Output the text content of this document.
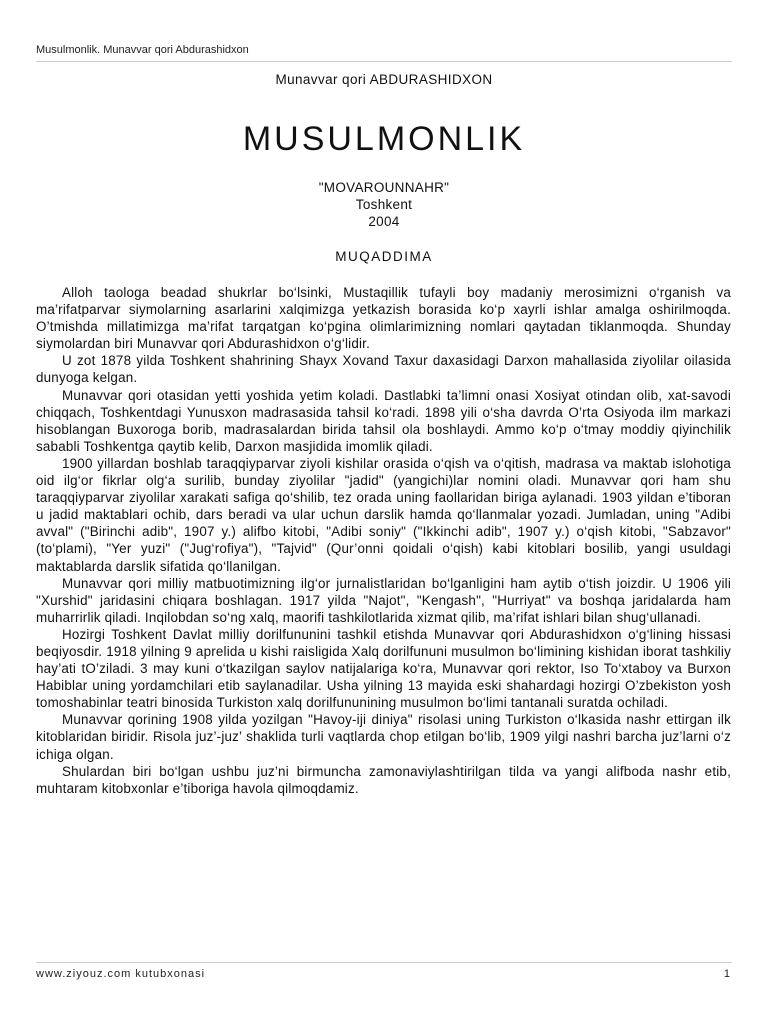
Musulmonlik. Munavvar qori Abdurashidxon
Munavvar qori ABDURASHIDXON
MUSULMONLIK
"MOVAROUNNAHR"
Toshkent
2004
MUQADDIMA

Alloh taologa beadad shukrlar bo‘lsinki, Mustaqillik tufayli boy madaniy merosimizni o‘rganish va ma’rifatparvar siymolarning asarlarini xalqimizga yetkazish borasida ko‘p xayrli ishlar amalga oshirilmoqda. O’tmishda millatimizga ma’rifat tarqatgan ko‘pgina olimlarimizning nomlari qaytadan tiklanmoqda. Shunday siymolardan biri Munavvar qori Abdurashidxon o‘g‘lidir.

U zot 1878 yilda Toshkent shahrining Shayx Xovand Taxur daxasidagi Darxon mahallasida ziyolilar oilasida dunyoga kelgan.

Munavvar qori otasidan yetti yoshida yetim koladi. Dastlabki ta’limni onasi Xosiyat otindan olib, xat-savodi chiqqach, Toshkentdagi Yunusxon madrasasida tahsil ko‘radi. 1898 yili o‘sha davrda O’rta Osiyoda ilm markazi hisoblangan Buxoroga borib, madrasalardan birida tahsil ola boshlaydi. Ammo ko‘p o‘tmay moddiy qiyinchilik sababli Toshkentga qaytib kelib, Darxon masjidida imomlik qiladi.

1900 yillardan boshlab taraqqiyparvar ziyoli kishilar orasida o‘qish va o‘qitish, madrasa va maktab islohotiga oid ilg‘or fikrlar olg‘a surilib, bunday ziyolilar "jadid" (yangichi)lar nomini oladi. Munavvar qori ham shu taraqqiyparvar ziyolilar xarakati safiga qo‘shilib, tez orada uning faollaridan biriga aylanadi. 1903 yildan e’tiboran u jadid maktablari ochib, dars beradi va ular uchun darslik hamda qo‘llanmalar yozadi. Jumladan, uning "Adibi avval" ("Birinchi adib", 1907 y.) alifbo kitobi, "Adibi soniy" ("Ikkinchi adib", 1907 y.) o‘qish kitobi, "Sabzavor" (to‘plami), "Yer yuzi" ("Jug‘rofiya"), "Tajvid" (Qur’onni qoidali o‘qish) kabi kitoblari bosilib, yangi usuldagi maktablarda darslik sifatida qo‘llanilgan.

Munavvar qori milliy matbuotimizning ilg‘or jurnalistlaridan bo‘lganligini ham aytib o‘tish joizdir. U 1906 yili "Xurshid" jaridasini chiqara boshlagan. 1917 yilda "Najot", "Kengash", "Hurriyat" va boshqa jaridalarda ham muharrirlik qiladi. Inqilobdan so‘ng xalq, maorifi tashkilotlarida xizmat qilib, ma’rifat ishlari bilan shug‘ullanadi.

Hozirgi Toshkent Davlat milliy dorilfununini tashkil etishda Munavvar qori Abdurashidxon o‘g‘lining hissasi beqiyosdir. 1918 yilning 9 aprelida u kishi raisligida Xalq dorilfununi musulmon bo‘limining kishidan iborat tashkiliy hay’ati tO’ziladi. 3 may kuni o‘tkazilgan saylov natijalariga ko‘ra, Munavvar qori rektor, Iso To‘xtaboy va Burxon Habiblar uning yordamchilari etib saylanadilar. Usha yilning 13 mayida eski shahardagi hozirgi O’zbekiston yosh tomoshabinlar teatri binosida Turkiston xalq dorilfununining musulmon bo‘limi tantanali suratda ochiladi.

Munavvar qorining 1908 yilda yozilgan "Havoy-iji diniya" risolasi uning Turkiston o‘lkasida nashr ettirgan ilk kitoblaridan biridir. Risola juz’-juz’ shaklida turli vaqtlarda chop etilgan bo‘lib, 1909 yilgi nashri barcha juz’larni o‘z ichiga olgan.

Shulardan biri bo‘lgan ushbu juz’ni birmuncha zamonaviylashtirilgan tilda va yangi alifboda nashr etib, muhtaram kitobxonlar e’tiboriga havola qilmoqdamiz.

www.ziyouz.com kutubxonasi	1
